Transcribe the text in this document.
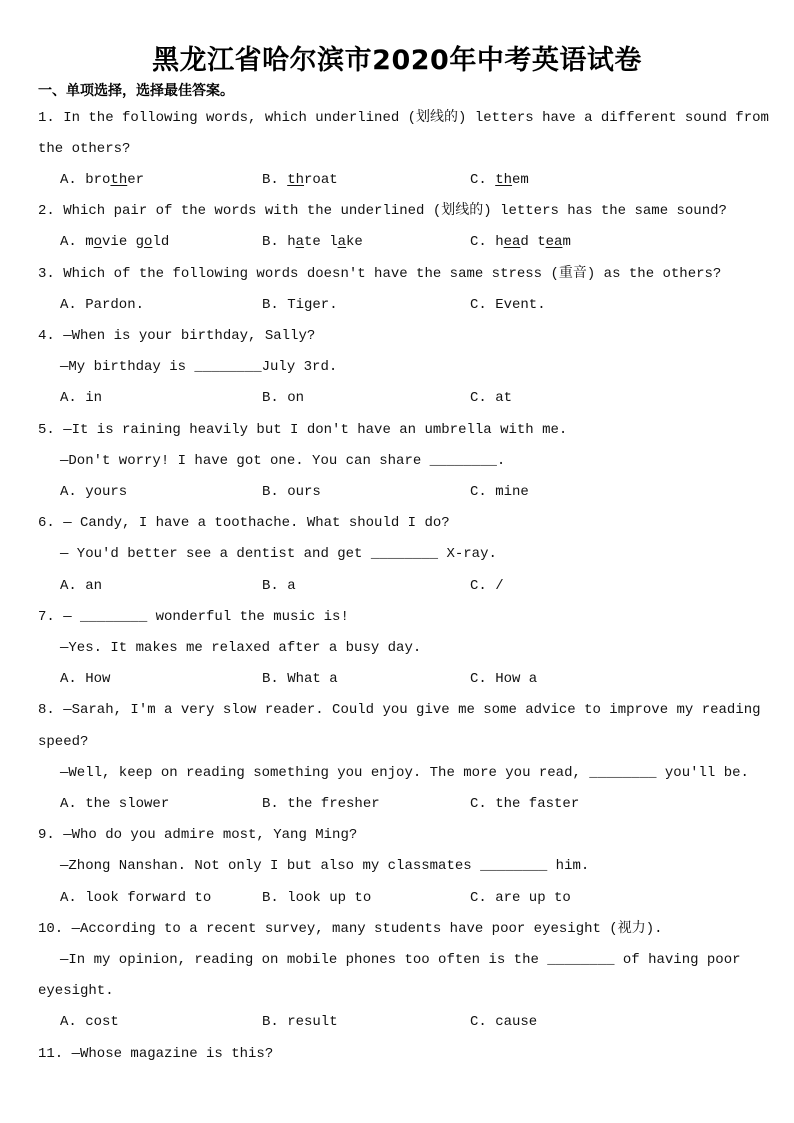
黑龙江省哈尔滨市2020年中考英语试卷
一、单项选择，选择最佳答案。
1. In the following words, which underlined (划线的) letters have a different sound from
the others?
A. brother	B. throat	C. them
2. Which pair of the words with the underlined (划线的) letters has the same sound?
A. movie gold	B. hate lake	C. head team
3. Which of the following words doesn't have the same stress (重音) as the others?
A. Pardon.	B. Tiger.	C. Event.
4. —When is your birthday, Sally?
—My birthday is ________July 3rd.
A. in	B. on	C. at
5. —It is raining heavily but I don't have an umbrella with me.
—Don't worry! I have got one. You can share ________.
A. yours	B. ours	C. mine
6. — Candy, I have a toothache. What should I do?
— You'd better see a dentist and get ________ X-ray.
A. an	B. a	C. /
7. — ________ wonderful the music is!
—Yes. It makes me relaxed after a busy day.
A. How	B. What a	C. How a
8. —Sarah, I'm a very slow reader. Could you give me some advice to improve my reading
speed?
—Well, keep on reading something you enjoy. The more you read, ________ you'll be.
A. the slower	B. the fresher	C. the faster
9. —Who do you admire most, Yang Ming?
—Zhong Nanshan. Not only I but also my classmates ________ him.
A. look forward to	B. look up to	C. are up to
10. —According to a recent survey, many students have poor eyesight (视力).
—In my opinion, reading on mobile phones too often is the ________ of having poor
eyesight.
A. cost	B. result	C. cause
11. —Whose magazine is this?
